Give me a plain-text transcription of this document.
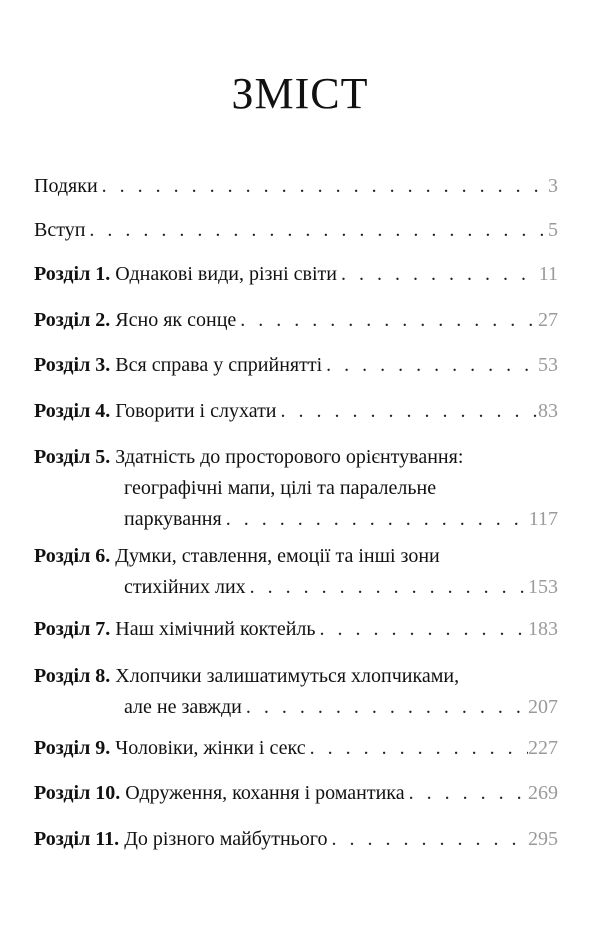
ЗМІСТ
Подяки . . .	3
Вступ . . .	5
Розділ 1. Однакові види, різні світи . . .	11
Розділ 2. Ясно як сонце . . .	27
Розділ 3. Вся справа у сприйнятті . . .	53
Розділ 4. Говорити і слухати . . .	83
Розділ 5. Здатність до просторового орієнтування:
географічні мапи, цілі та паралельне
паркування . . .	117
Розділ 6. Думки, ставлення, емоції та інші зони
стихійних лих . . .	153
Розділ 7. Наш хімічний коктейль . . .	183
Розділ 8. Хлопчики залишатимуться хлопчиками,
але не завжди . . .	207
Розділ 9. Чоловіки, жінки і секс . . .	227
Розділ 10. Одруження, кохання і романтика . . .	269
Розділ 11. До різного майбутнього . . .	295
